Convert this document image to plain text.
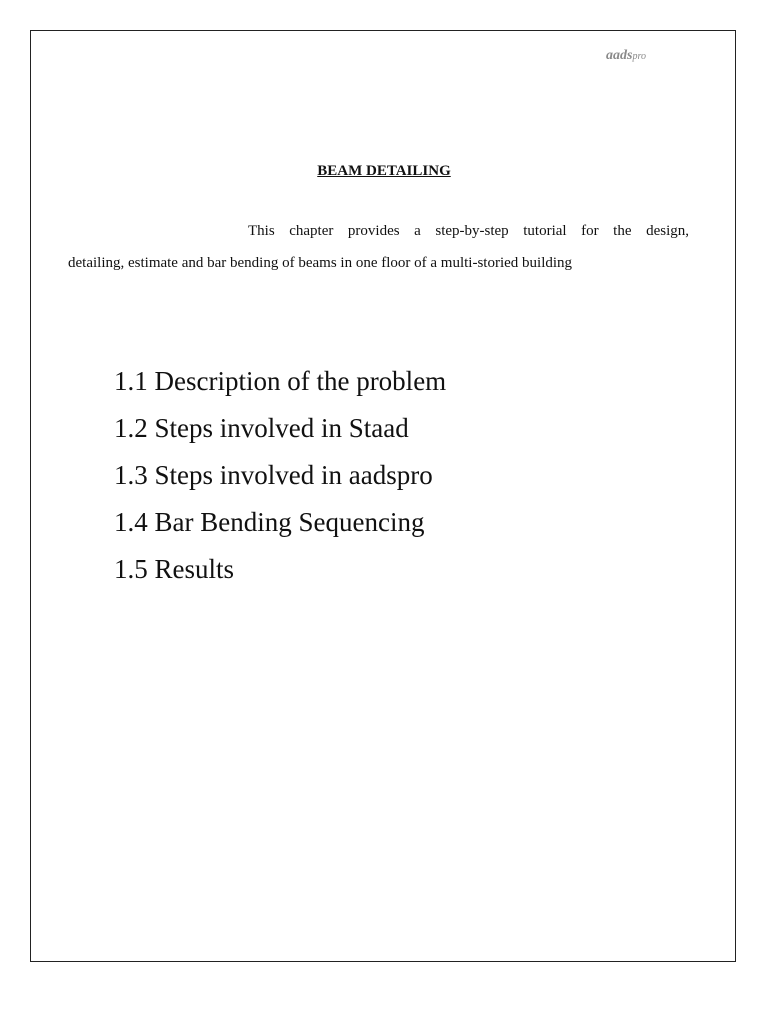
aadspro
BEAM DETAILING

This chapter provides a step-by-step tutorial for the design,

detailing, estimate and bar bending of beams in one floor of a multi-storied building

1.1 Description of the problem
1.2 Steps involved in Staad
1.3 Steps involved in aadspro
1.4 Bar Bending Sequencing
1.5 Results
